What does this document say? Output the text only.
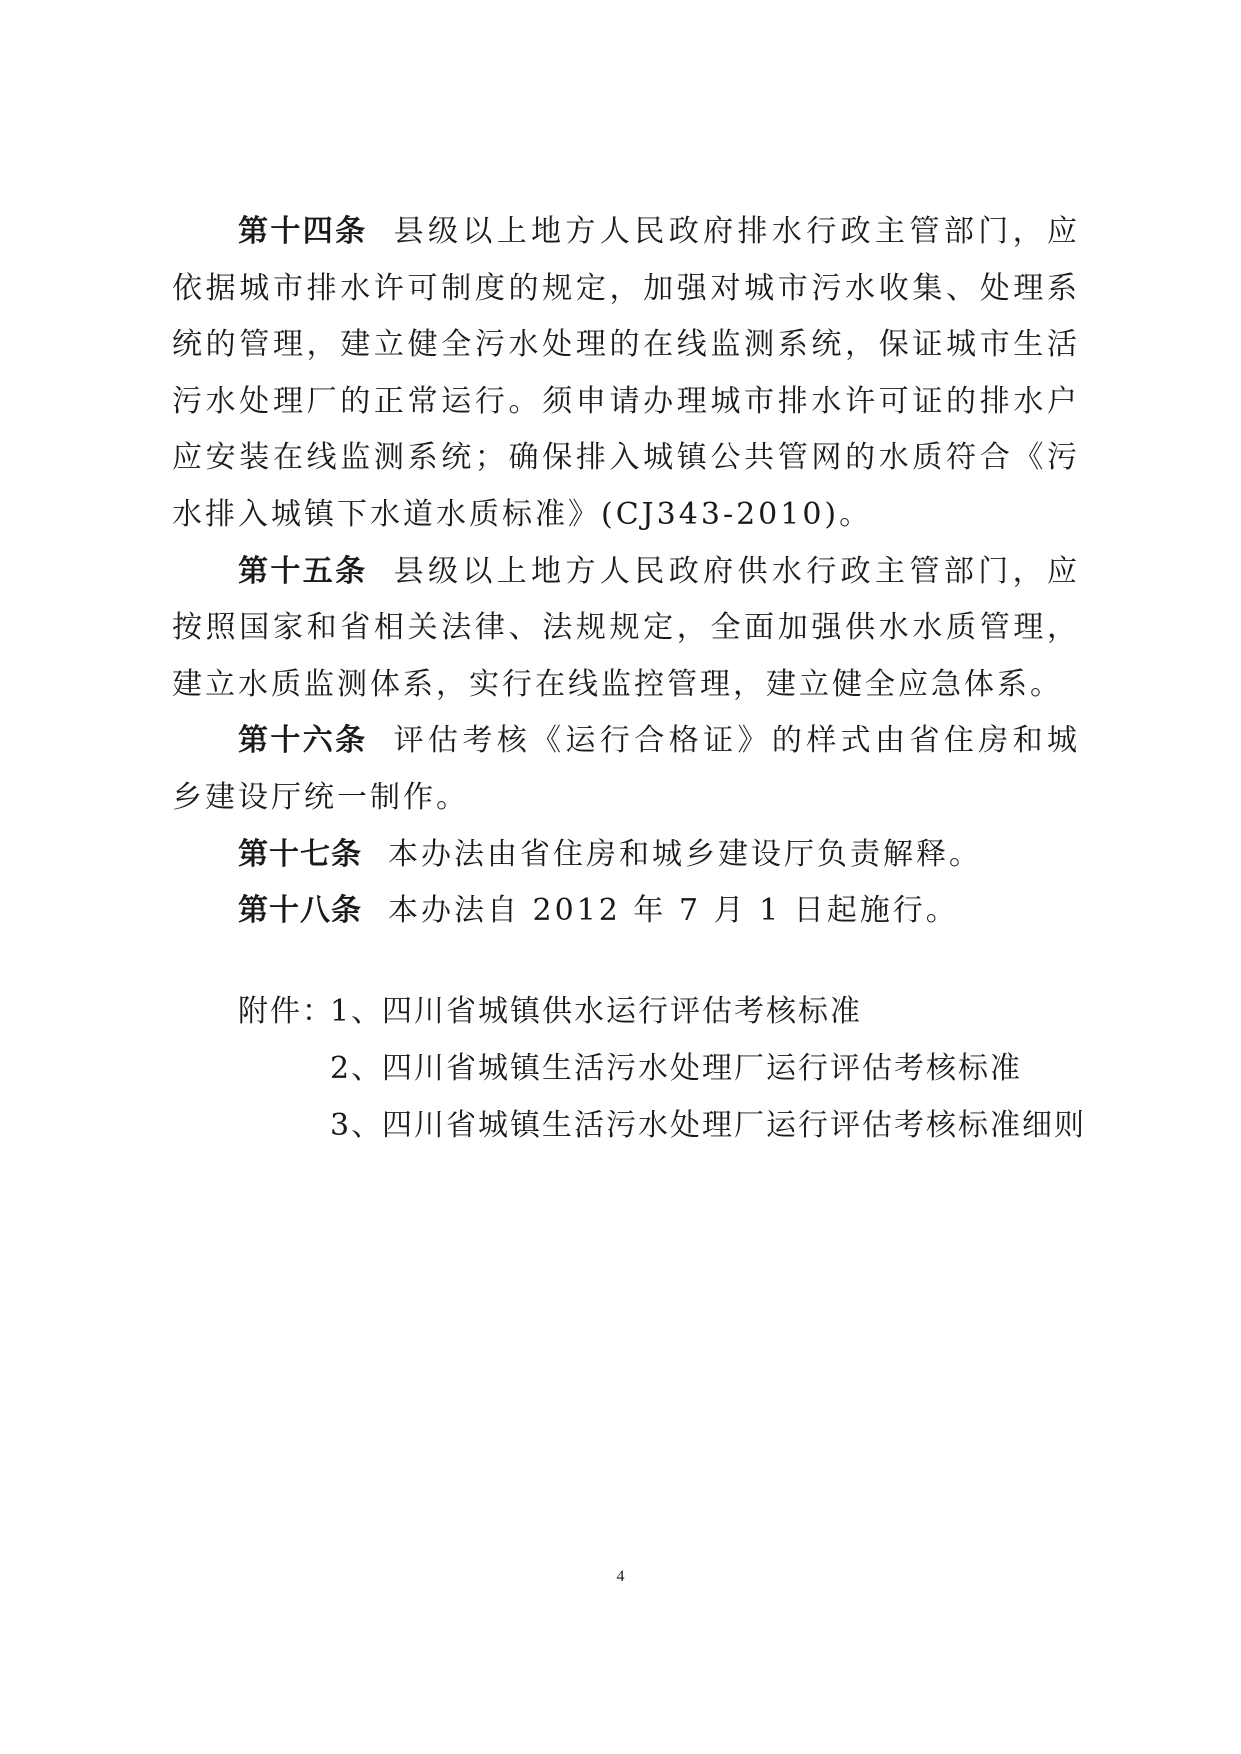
第十四条 县级以上地方人民政府排水行政主管部门，应依据城市排水许可制度的规定，加强对城市污水收集、处理系统的管理，建立健全污水处理的在线监测系统，保证城市生活污水处理厂的正常运行。须申请办理城市排水许可证的排水户应安装在线监测系统；确保排入城镇公共管网的水质符合《污水排入城镇下水道水质标准》(CJ343-2010)。

第十五条 县级以上地方人民政府供水行政主管部门，应按照国家和省相关法律、法规规定，全面加强供水水质管理，建立水质监测体系，实行在线监控管理，建立健全应急体系。

第十六条 评估考核《运行合格证》的样式由省住房和城乡建设厅统一制作。

第十七条 本办法由省住房和城乡建设厅负责解释。

第十八条 本办法自 2012 年 7 月 1 日起施行。

附件：1、四川省城镇供水运行评估考核标准
2、四川省城镇生活污水处理厂运行评估考核标准
3、四川省城镇生活污水处理厂运行评估考核标准细则
4
